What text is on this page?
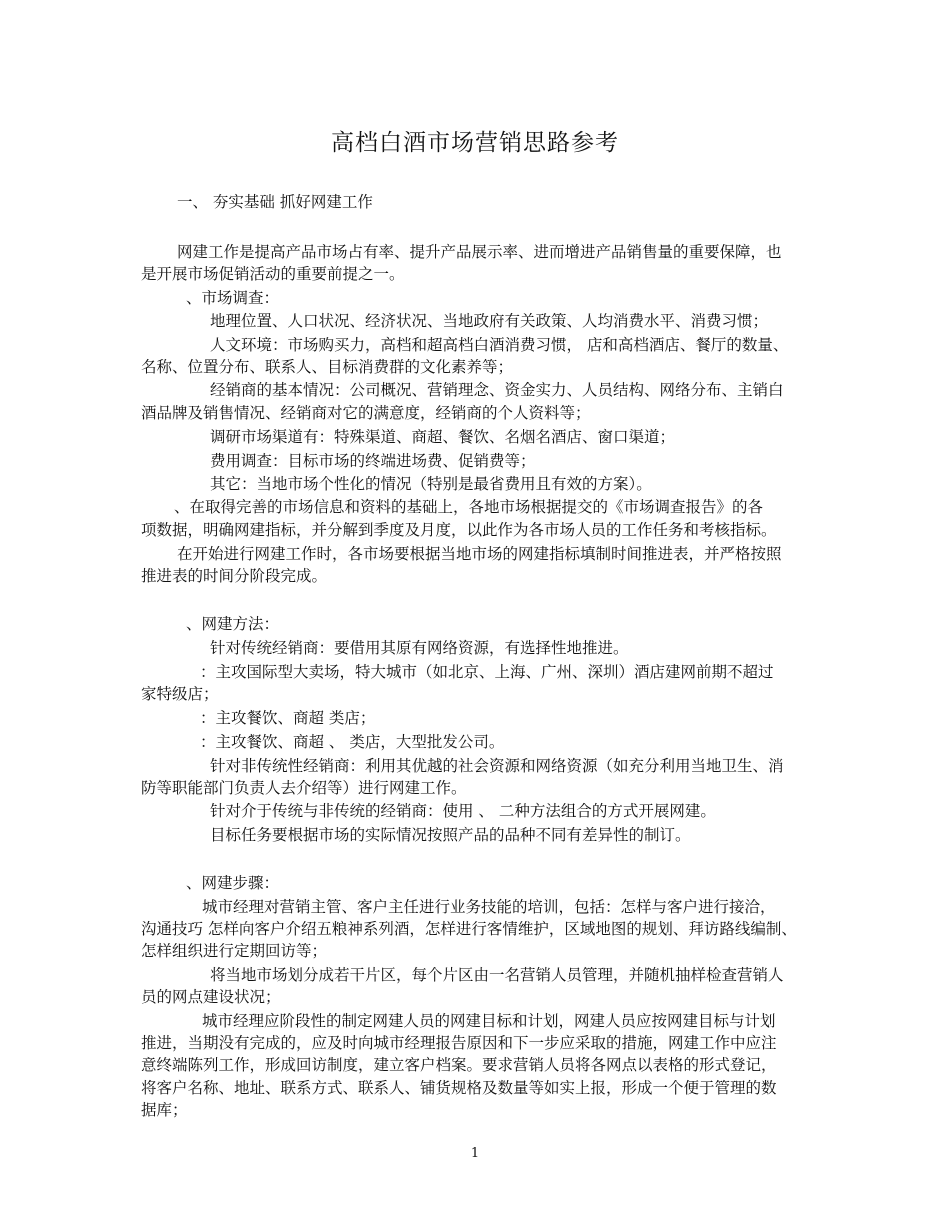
高档白酒市场营销思路参考
一、 夯实基础 抓好网建工作
网建工作是提高产品市场占有率、提升产品展示率、进而增进产品销售量的重要保障，也
是开展市场促销活动的重要前提之一。
、市场调查：
地理位置、人口状况、经济状况、当地政府有关政策、人均消费水平、消费习惯；
人文环境：市场购买力，高档和超高档白酒消费习惯， 店和高档酒店、餐厅的数量、
名称、位置分布、联系人、目标消费群的文化素养等；
经销商的基本情况：公司概况、营销理念、资金实力、人员结构、网络分布、主销白
酒品牌及销售情况、经销商对它的满意度，经销商的个人资料等；
调研市场渠道有：特殊渠道、商超、餐饮、名烟名酒店、窗口渠道；
费用调查：目标市场的终端进场费、促销费等；
其它：当地市场个性化的情况（特别是最省费用且有效的方案）。
、在取得完善的市场信息和资料的基础上，各地市场根据提交的《市场调查报告》的各
项数据，明确网建指标，并分解到季度及月度，以此作为各市场人员的工作任务和考核指标。
在开始进行网建工作时，各市场要根据当地市场的网建指标填制时间推进表，并严格按照
推进表的时间分阶段完成。
、网建方法：
针对传统经销商：要借用其原有网络资源，有选择性地推进。
：主攻国际型大卖场，特大城市（如北京、上海、广州、深圳）酒店建网前期不超过
家特级店；
：主攻餐饮、商超 类店；
：主攻餐饮、商超 、 类店，大型批发公司。
针对非传统性经销商：利用其优越的社会资源和网络资源（如充分利用当地卫生、消
防等职能部门负责人去介绍等）进行网建工作。
针对介于传统与非传统的经销商：使用 、 二种方法组合的方式开展网建。
目标任务要根据市场的实际情况按照产品的品种不同有差异性的制订。
、网建步骤：
城市经理对营销主管、客户主任进行业务技能的培训，包括：怎样与客户进行接洽，
沟通技巧 怎样向客户介绍五粮神系列酒，怎样进行客情维护，区域地图的规划、拜访路线编制、
怎样组织进行定期回访等；
将当地市场划分成若干片区，每个片区由一名营销人员管理，并随机抽样检查营销人
员的网点建设状况；
城市经理应阶段性的制定网建人员的网建目标和计划，网建人员应按网建目标与计划
推进，当期没有完成的，应及时向城市经理报告原因和下一步应采取的措施，网建工作中应注
意终端陈列工作，形成回访制度，建立客户档案。要求营销人员将各网点以表格的形式登记，
将客户名称、地址、联系方式、联系人、铺货规格及数量等如实上报，形成一个便于管理的数
据库；
1
